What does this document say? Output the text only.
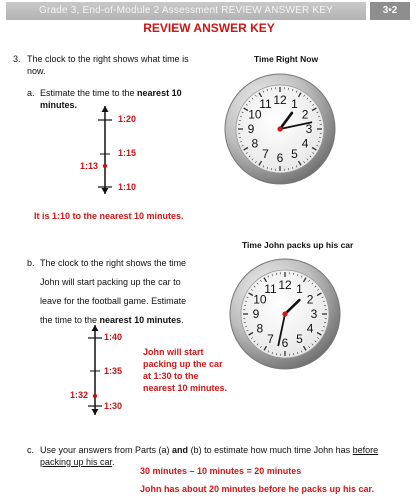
Grade 3, End-of-Module 2 Assessment REVIEW ANSWER KEY	3•2
REVIEW ANSWER KEY
3. The clock to the right shows what time is
now.
a. Estimate the time to the nearest 10
minutes.
1:20
1:15
1:10
1:13
It is 1:10 to the nearest 10 minutes.
Time Right Now
12 1
2
3
4
5
6
7
8
9
10
11
b. The clock to the right shows the time
John will start packing up the car to
leave for the football game. Estimate
the time to the nearest 10 minutes.
1:40
1:35
1:30
1:32
John will start
packing up the car
at 1:30 to the
nearest 10 minutes.
Time John packs up his car
12 1
2
3
4
5
6
7
8
9
10
11
c. Use your answers from Parts (a) and (b) to estimate how much time John has before
packing up his car.
30 minutes – 10 minutes = 20 minutes
John has about 20 minutes before he packs up his car.
